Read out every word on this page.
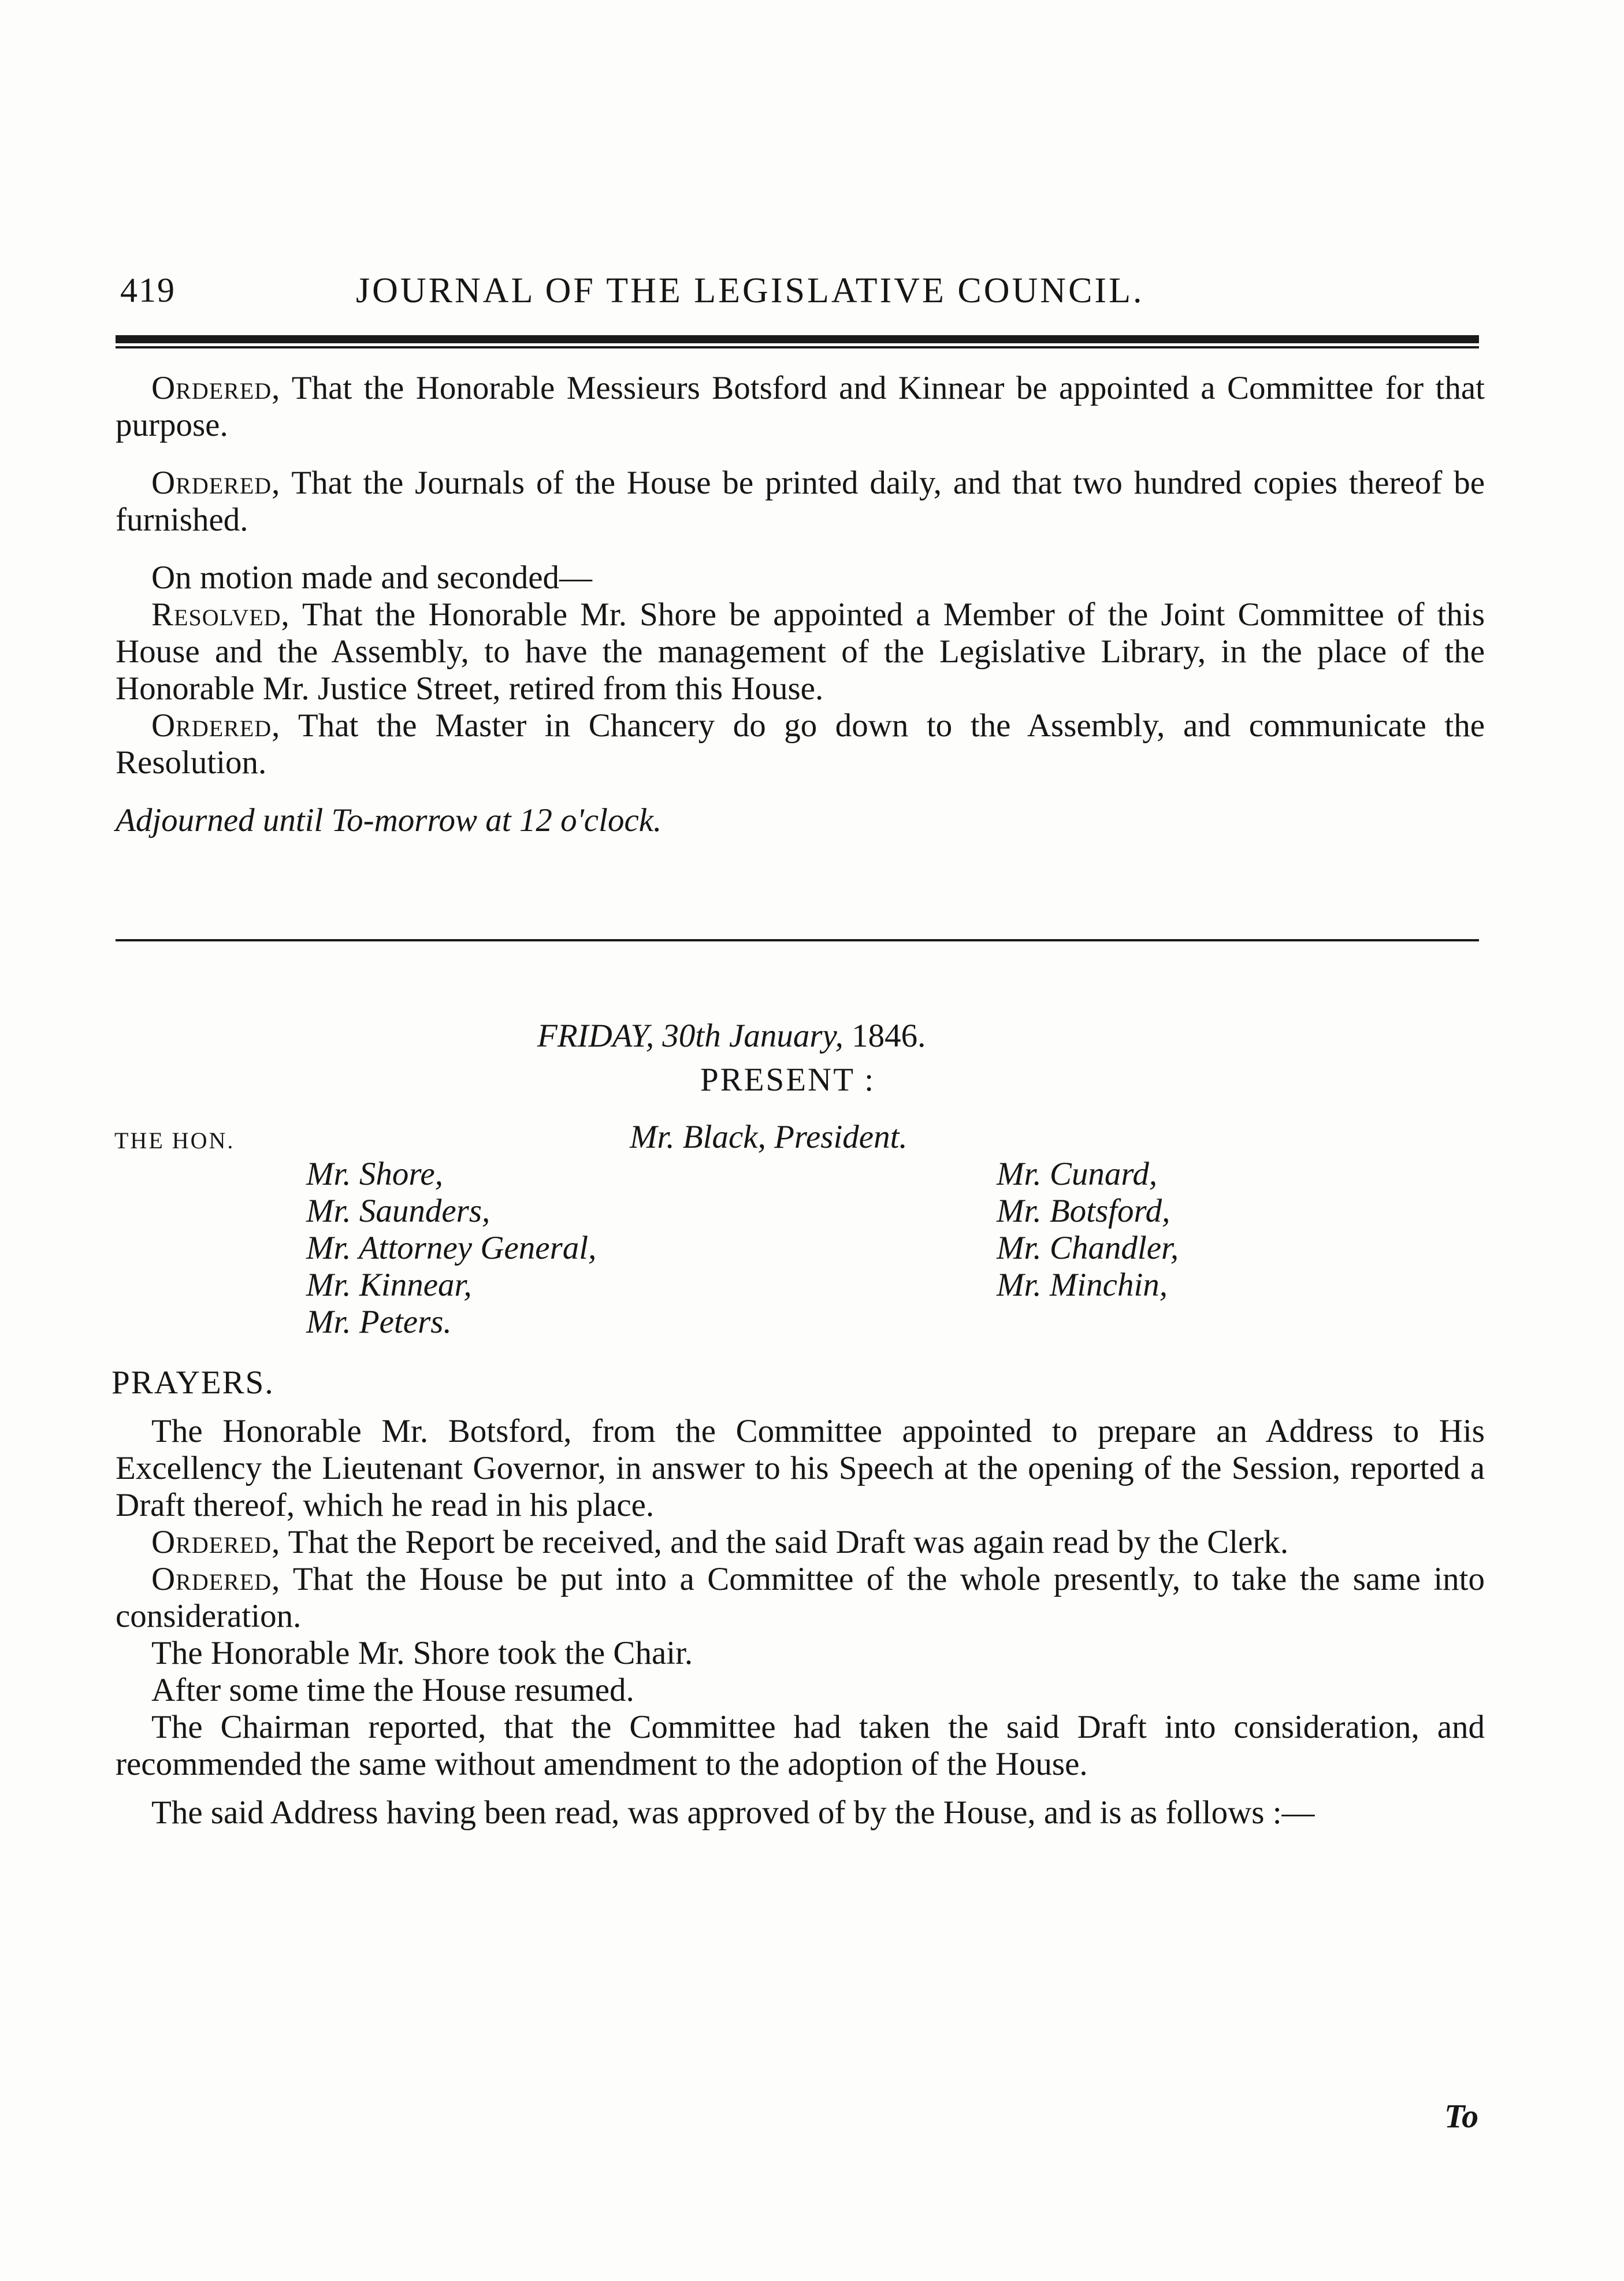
419	JOURNAL OF THE LEGISLATIVE COUNCIL.

Ordered, That the Honorable Messieurs Botsford and Kinnear be appointed a Committee for that purpose.

Ordered, That the Journals of the House be printed daily, and that two hundred copies thereof be furnished.

On motion made and seconded—

Resolved, That the Honorable Mr. Shore be appointed a Member of the Joint Committee of this House and the Assembly, to have the management of the Legislative Library, in the place of the Honorable Mr. Justice Street, retired from this House.

Ordered, That the Master in Chancery do go down to the Assembly, and communicate the Resolution.

Adjourned until To-morrow at 12 o'clock.

FRIDAY, 30th January, 1846.
PRESENT :
THE HON.	Mr. Black, President.
Mr. Shore,
Mr. Saunders,
Mr. Attorney General,
Mr. Kinnear,
Mr. Peters.
Mr. Cunard,
Mr. Botsford,
Mr. Chandler,
Mr. Minchin,
PRAYERS.

The Honorable Mr. Botsford, from the Committee appointed to prepare an Address to His Excellency the Lieutenant Governor, in answer to his Speech at the opening of the Session, reported a Draft thereof, which he read in his place.

Ordered, That the Report be received, and the said Draft was again read by the Clerk.

Ordered, That the House be put into a Committee of the whole presently, to take the same into consideration.

The Honorable Mr. Shore took the Chair.

After some time the House resumed.

The Chairman reported, that the Committee had taken the said Draft into consideration, and recommended the same without amendment to the adoption of the House.

The said Address having been read, was approved of by the House, and is as follows :—

To
